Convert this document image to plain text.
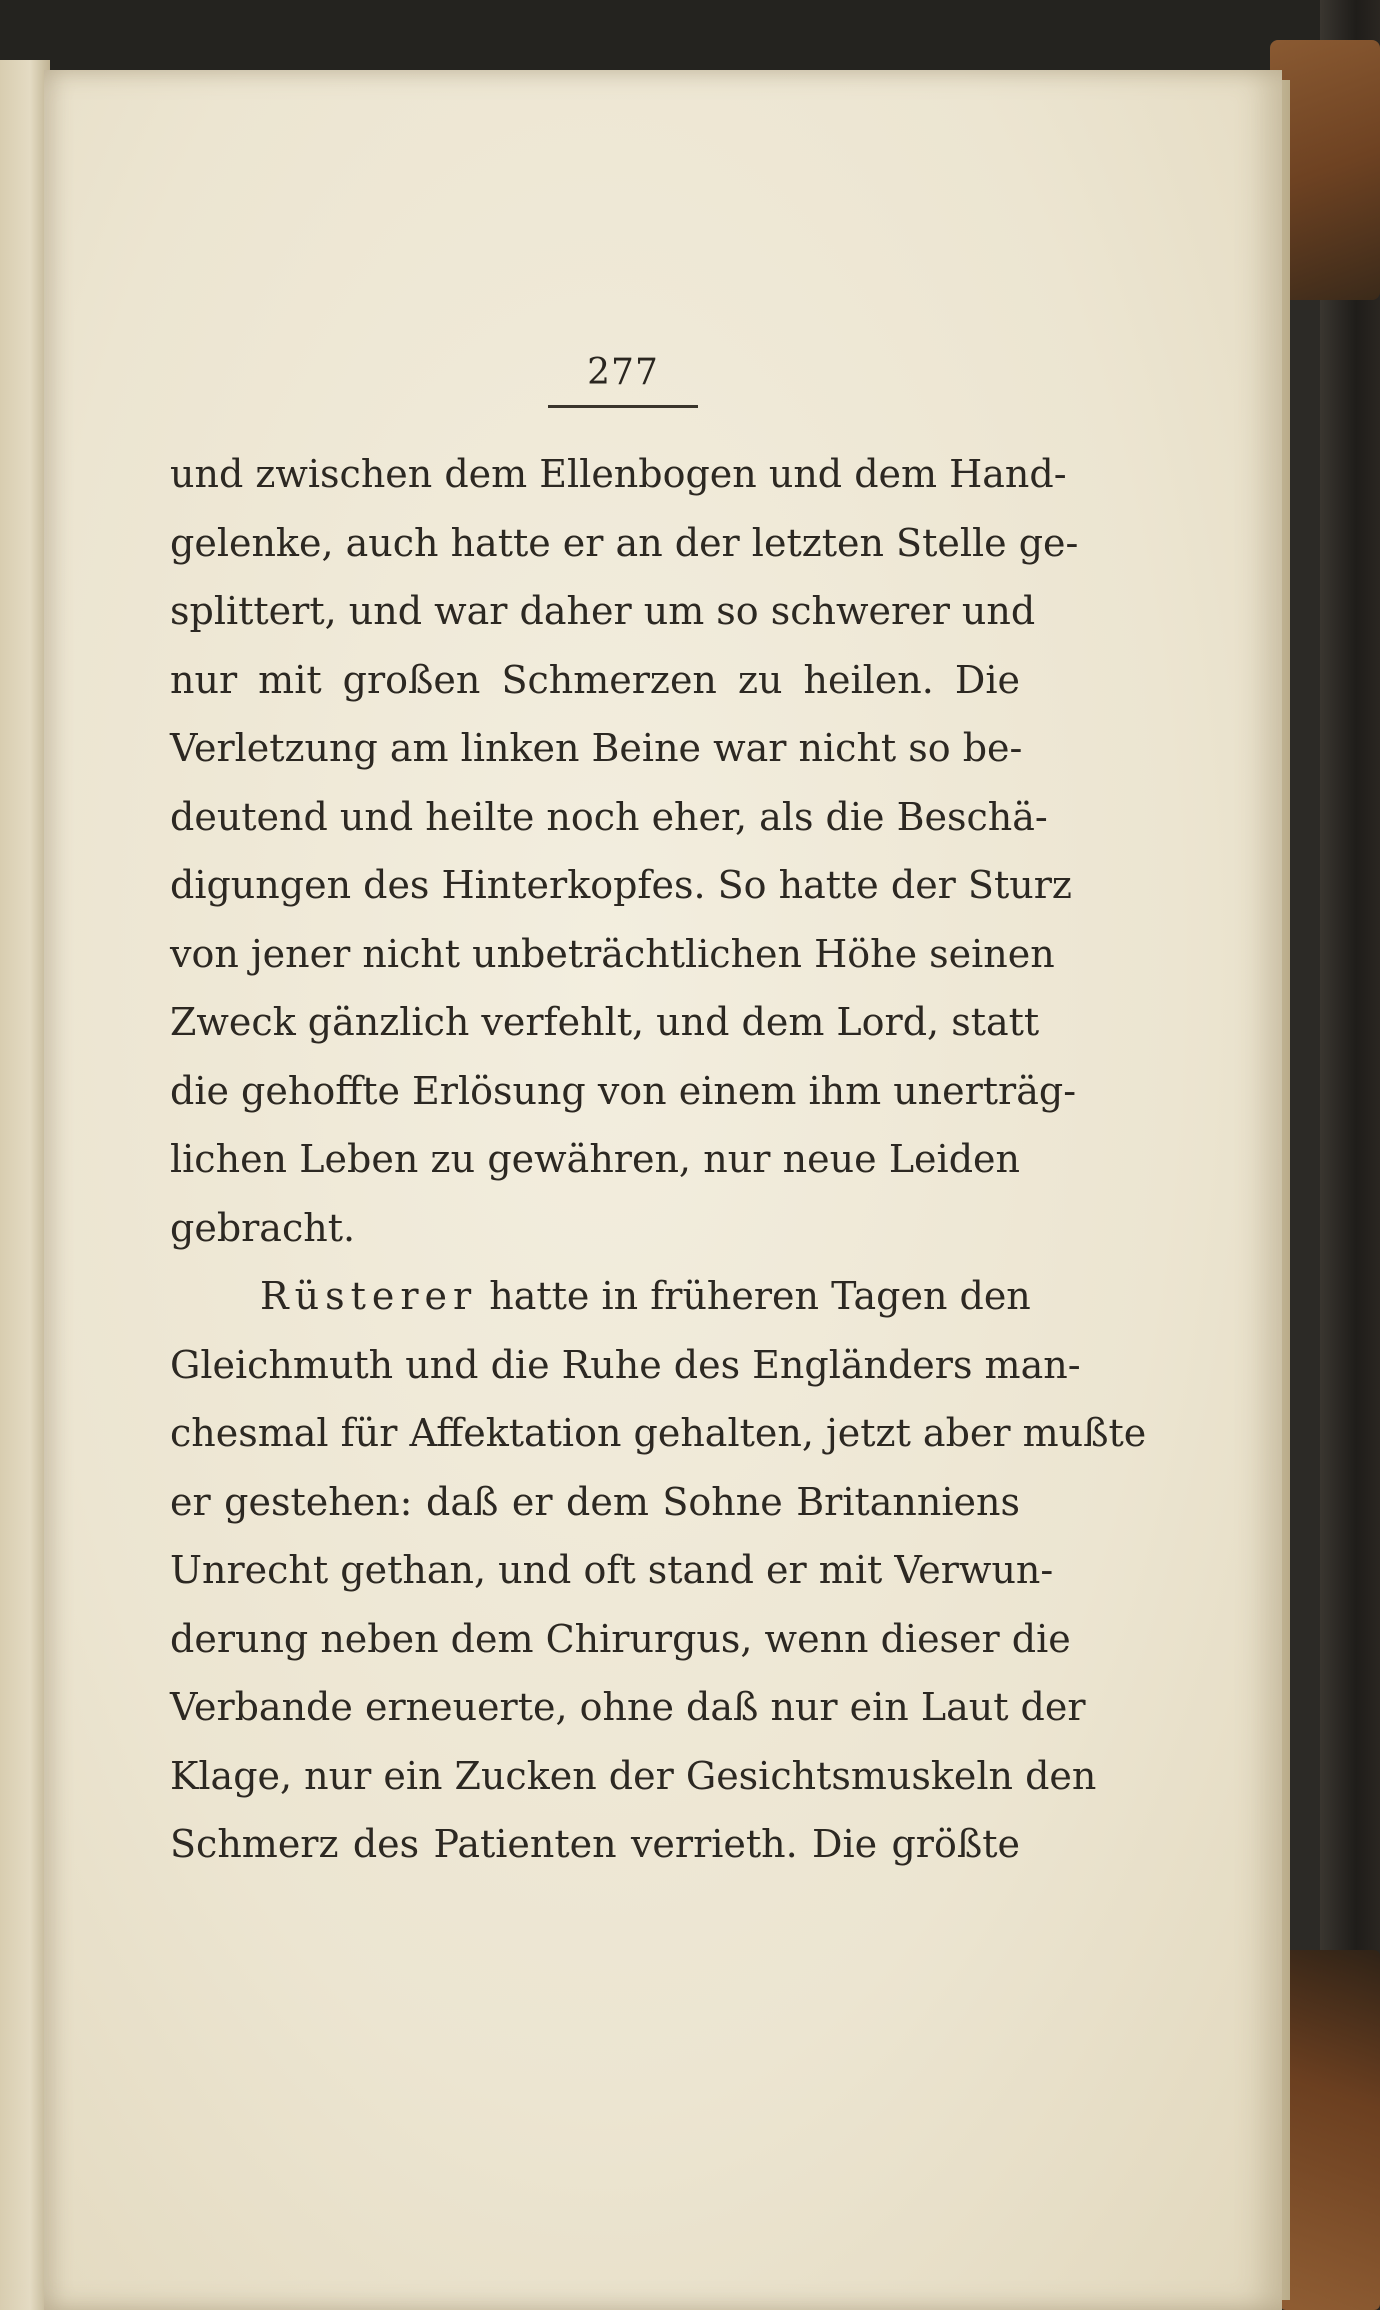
277
und zwischen dem Ellenbogen und dem Hand-
gelenke, auch hatte er an der letzten Stelle ge-
splittert, und war daher um so schwerer und
nur mit großen Schmerzen zu heilen. Die
Verletzung am linken Beine war nicht so be-
deutend und heilte noch eher, als die Beschä-
digungen des Hinterkopfes. So hatte der Sturz
von jener nicht unbeträchtlichen Höhe seinen
Zweck gänzlich verfehlt, und dem Lord, statt
die gehoffte Erlösung von einem ihm unerträg-
lichen Leben zu gewähren, nur neue Leiden
gebracht.
Rüsterer hatte in früheren Tagen den
Gleichmuth und die Ruhe des Engländers man-
chesmal für Affektation gehalten, jetzt aber mußte
er gestehen: daß er dem Sohne Britanniens
Unrecht gethan, und oft stand er mit Verwun-
derung neben dem Chirurgus, wenn dieser die
Verbande erneuerte, ohne daß nur ein Laut der
Klage, nur ein Zucken der Gesichtsmuskeln den
Schmerz des Patienten verrieth. Die größte
